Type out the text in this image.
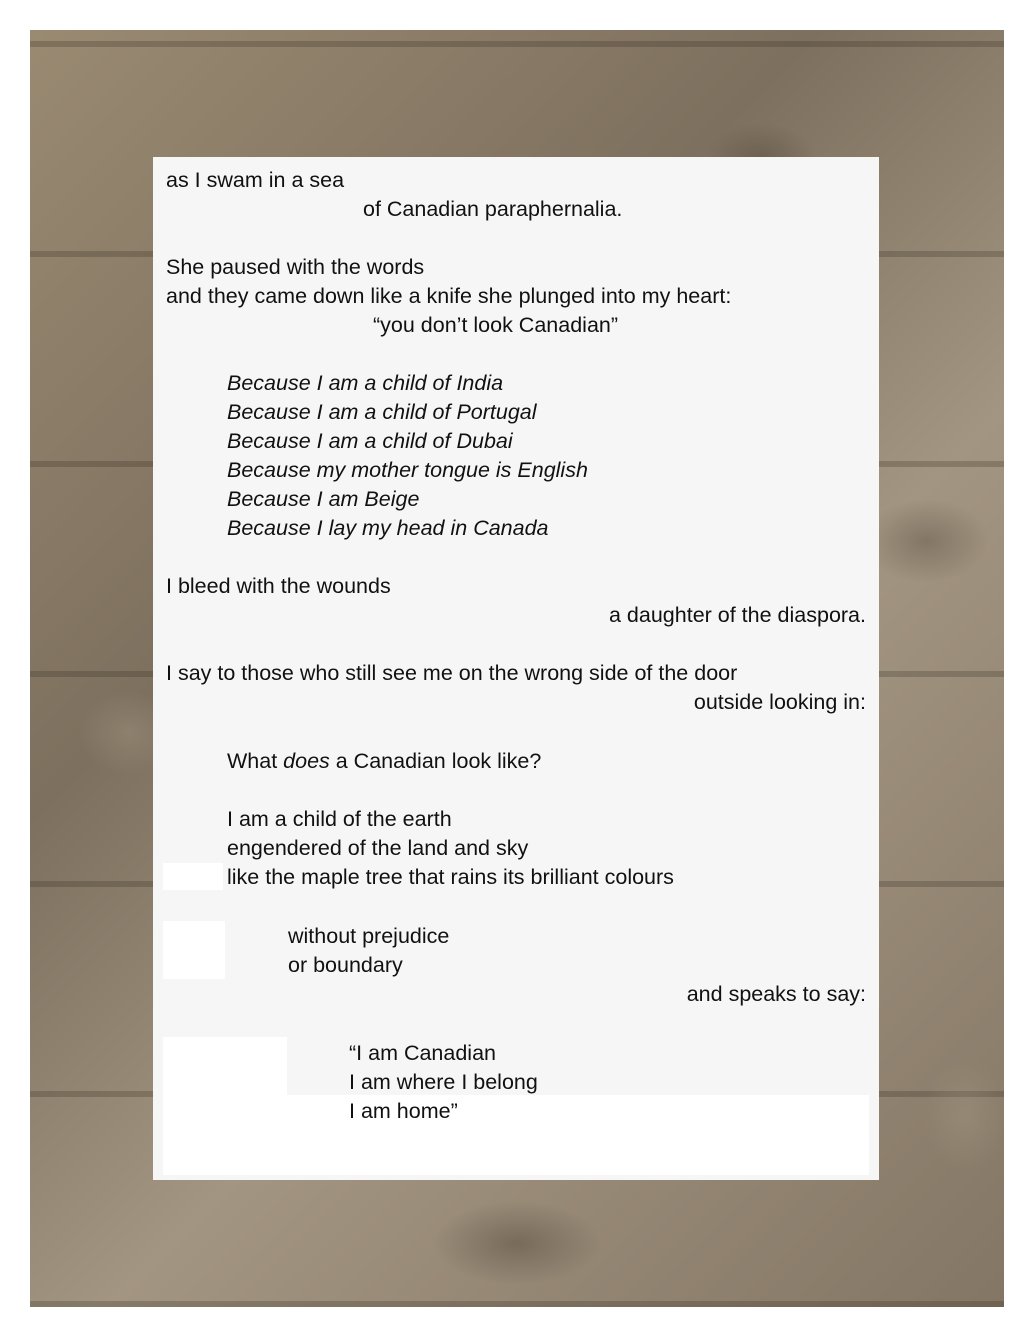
as I swam in a sea

of Canadian paraphernalia.

She paused with the words

and they came down like a knife she plunged into my heart:

“you don’t look Canadian”

Because I am a child of India

Because I am a child of Portugal

Because I am a child of Dubai

Because my mother tongue is English

Because I am Beige

Because I lay my head in Canada

I bleed with the wounds

a daughter of the diaspora.

I say to those who still see me on the wrong side of the door

outside looking in:

What does a Canadian look like?

I am a child of the earth

engendered of the land and sky

like the maple tree that rains its brilliant colours

without prejudice

or boundary

and speaks to say:

“I am Canadian

I am where I belong

I am home”
